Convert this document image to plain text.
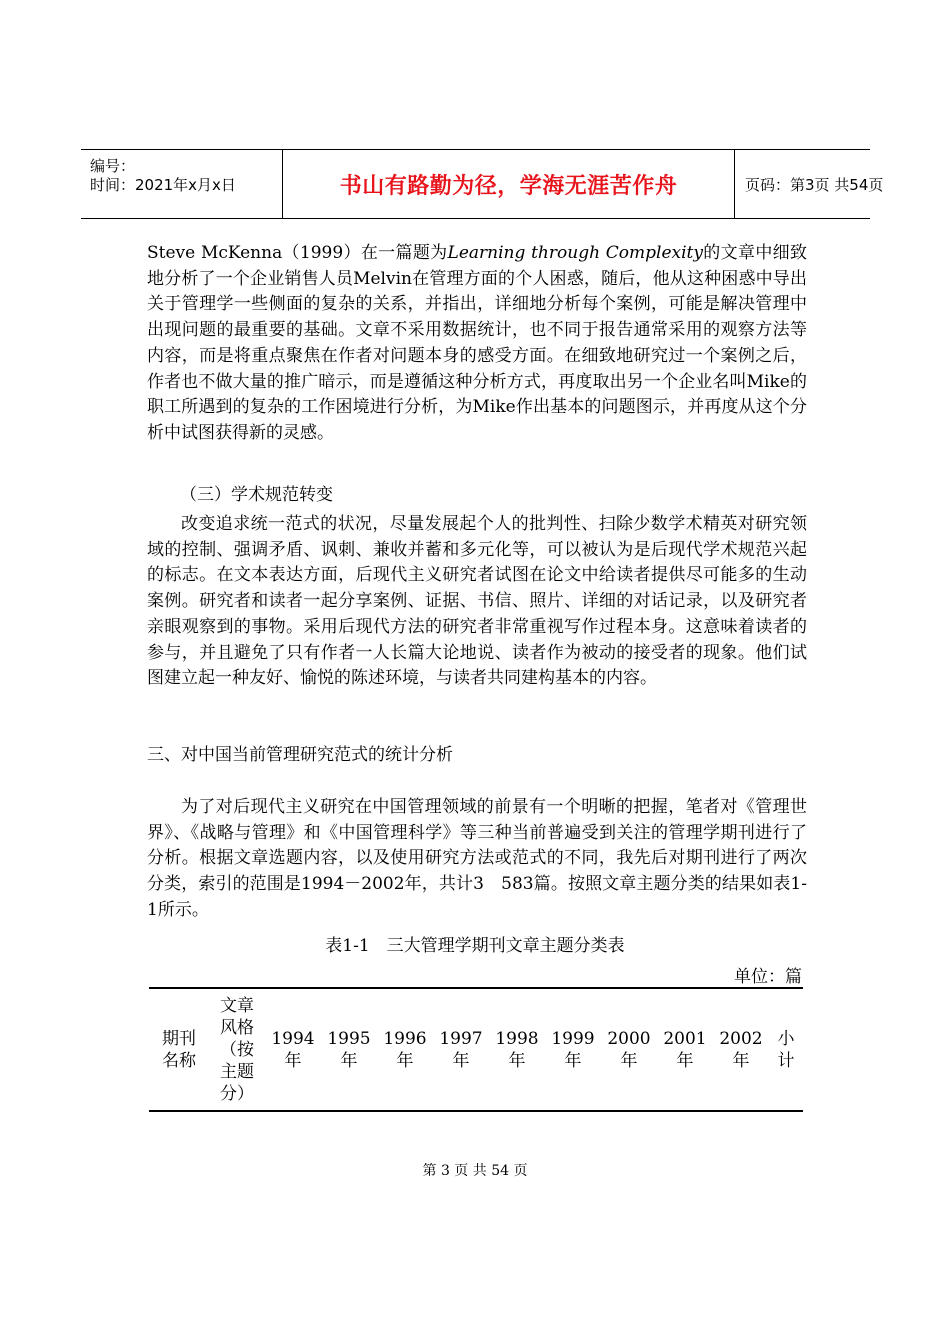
编号：
时间：2021年x月x日	书山有路勤为径，学海无涯苦作舟	页码：第3页 共54页
Steve McKenna（1999）在一篇题为Learning through Complexity的文章中细致地分析了一个企业销售人员Melvin在管理方面的个人困惑，随后，他从这种困惑中导出关于管理学一些侧面的复杂的关系，并指出，详细地分析每个案例，可能是解决管理中出现问题的最重要的基础。文章不采用数据统计，也不同于报告通常采用的观察方法等内容，而是将重点聚焦在作者对问题本身的感受方面。在细致地研究过一个案例之后，作者也不做大量的推广暗示，而是遵循这种分析方式，再度取出另一个企业名叫Mike的职工所遇到的复杂的工作困境进行分析，为Mike作出基本的问题图示，并再度从这个分析中试图获得新的灵感。
（三）学术规范转变
改变追求统一范式的状况，尽量发展起个人的批判性、扫除少数学术精英对研究领域的控制、强调矛盾、讽刺、兼收并蓄和多元化等，可以被认为是后现代学术规范兴起的标志。在文本表达方面，后现代主义研究者试图在论文中给读者提供尽可能多的生动案例。研究者和读者一起分享案例、证据、书信、照片、详细的对话记录，以及研究者亲眼观察到的事物。采用后现代方法的研究者非常重视写作过程本身。这意味着读者的参与，并且避免了只有作者一人长篇大论地说、读者作为被动的接受者的现象。他们试图建立起一种友好、愉悦的陈述环境，与读者共同建构基本的内容。
三、对中国当前管理研究范式的统计分析
为了对后现代主义研究在中国管理领域的前景有一个明晰的把握，笔者对《管理世界》、《战略与管理》和《中国管理科学》等三种当前普遍受到关注的管理学期刊进行了分析。根据文章选题内容，以及使用研究方法或范式的不同，我先后对期刊进行了两次分类，索引的范围是1994－2002年，共计3　583篇。按照文章主题分类的结果如表1-1所示。
表1-1　三大管理学期刊文章主题分类表
单位：篇
期刊
名称
文章
风格
（按
主题
分）
1994
年
1995
年
1996
年
1997
年
1998
年
1999
年
2000
年
2001
年
2002
年
小
计
第 3 页 共 54 页
